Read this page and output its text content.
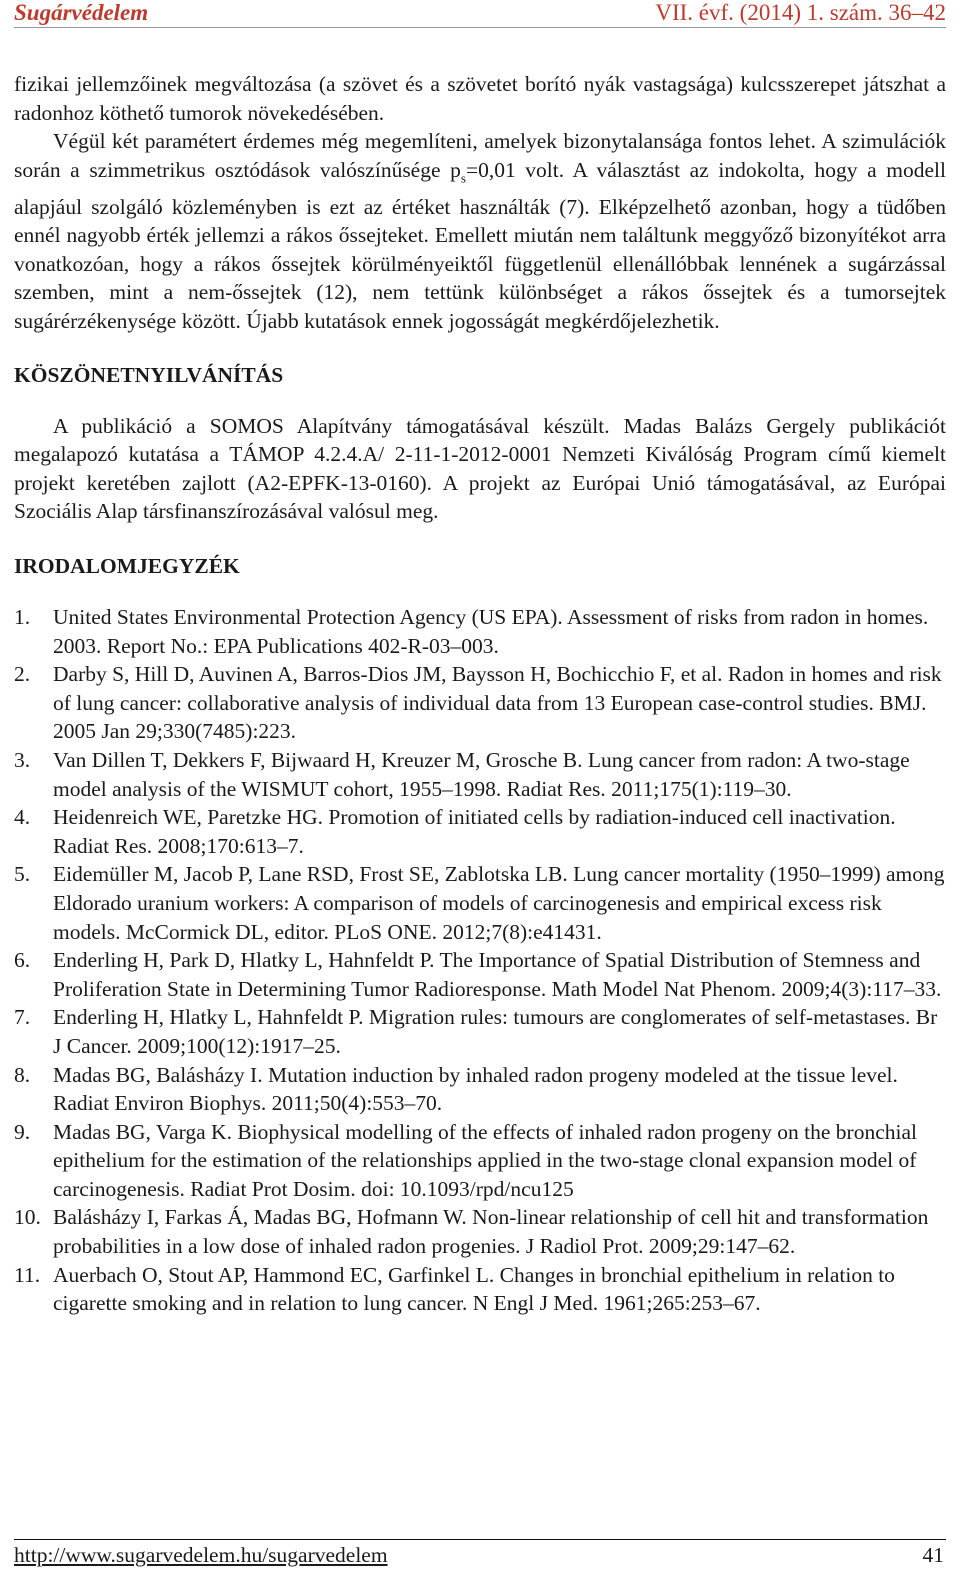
Sugárvédelem	VII. évf. (2014) 1. szám. 36–42

fizikai jellemzőinek megváltozása (a szövet és a szövetet borító nyák vastagsága) kulcsszerepet játszhat a radonhoz köthető tumorok növekedésében.

Végül két paramétert érdemes még megemlíteni, amelyek bizonytalansága fontos lehet. A szimulációk során a szimmetrikus osztódások valószínűsége $p_s=0,01$ volt. A választást az indokolta, hogy a modell alapjául szolgáló közleményben is ezt az értéket használták (7). Elképzelhető azonban, hogy a tüdőben ennél nagyobb érték jellemzi a rákos őssejteket. Emellett miután nem találtunk meggyőző bizonyítékot arra vonatkozóan, hogy a rákos őssejtek körülményeiktől függetlenül ellenállóbbak lennének a sugárzással szemben, mint a nem-őssejtek (12), nem tettünk különbséget a rákos őssejtek és a tumorsejtek sugárérzékenysége között. Újabb kutatások ennek jogosságát megkérdőjelezhetik.

KÖSZÖNETNYILVÁNÍTÁS

A publikáció a SOMOS Alapítvány támogatásával készült. Madas Balázs Gergely publikációt megalapozó kutatása a TÁMOP 4.2.4.A/ 2-11-1-2012-0001 Nemzeti Kiválóság Program című kiemelt projekt keretében zajlott (A2-EPFK-13-0160). A projekt az Európai Unió támogatásával, az Európai Szociális Alap társfinanszírozásával valósul meg.

IRODALOMJEGYZÉK
1. United States Environmental Protection Agency (US EPA). Assessment of risks from radon in homes. 2003. Report No.: EPA Publications 402-R-03–003.
2. Darby S, Hill D, Auvinen A, Barros-Dios JM, Baysson H, Bochicchio F, et al. Radon in homes and risk of lung cancer: collaborative analysis of individual data from 13 European case-control studies. BMJ. 2005 Jan 29;330(7485):223.
3. Van Dillen T, Dekkers F, Bijwaard H, Kreuzer M, Grosche B. Lung cancer from radon: A two-stage model analysis of the WISMUT cohort, 1955–1998. Radiat Res. 2011;175(1):119–30.
4. Heidenreich WE, Paretzke HG. Promotion of initiated cells by radiation-induced cell inactivation. Radiat Res. 2008;170:613–7.
5. Eidemüller M, Jacob P, Lane RSD, Frost SE, Zablotska LB. Lung cancer mortality (1950–1999) among Eldorado uranium workers: A comparison of models of carcinogenesis and empirical excess risk models. McCormick DL, editor. PLoS ONE. 2012;7(8):e41431.
6. Enderling H, Park D, Hlatky L, Hahnfeldt P. The Importance of Spatial Distribution of Stemness and Proliferation State in Determining Tumor Radioresponse. Math Model Nat Phenom. 2009;4(3):117–33.
7. Enderling H, Hlatky L, Hahnfeldt P. Migration rules: tumours are conglomerates of self-metastases. Br J Cancer. 2009;100(12):1917–25.
8. Madas BG, Balásházy I. Mutation induction by inhaled radon progeny modeled at the tissue level. Radiat Environ Biophys. 2011;50(4):553–70.
9. Madas BG, Varga K. Biophysical modelling of the effects of inhaled radon progeny on the bronchial epithelium for the estimation of the relationships applied in the two-stage clonal expansion model of carcinogenesis. Radiat Prot Dosim. doi: 10.1093/rpd/ncu125
10. Balásházy I, Farkas Á, Madas BG, Hofmann W. Non-linear relationship of cell hit and transformation probabilities in a low dose of inhaled radon progenies. J Radiol Prot. 2009;29:147–62.
11. Auerbach O, Stout AP, Hammond EC, Garfinkel L. Changes in bronchial epithelium in relation to cigarette smoking and in relation to lung cancer. N Engl J Med. 1961;265:253–67.
http://www.sugarvedelem.hu/sugarvedelem	41
